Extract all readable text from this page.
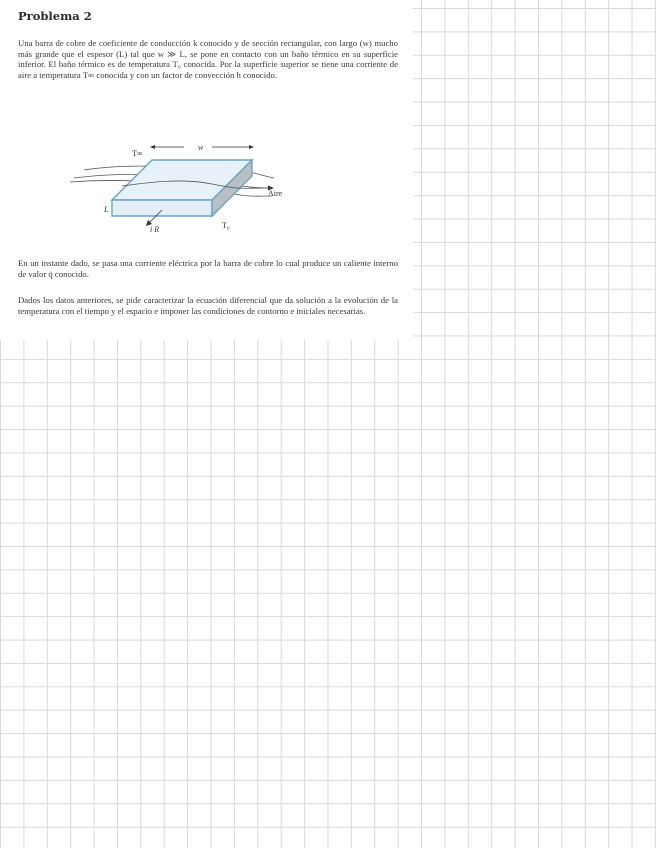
Problema 2

Una barra de cobre de coeficiente de conducción k conocido y de sección rectangular, con largo (w) mucho más grande que el espesor (L) tal que w ≫ L, se pone en contacto con un baño térmico en su superficie inferior. El baño térmico es de temperatura T₀ conocida. Por la superficie superior se tiene una corriente de aire a temperatura T∞ conocida y con un factor de convección h conocido.

T∞
w
Aire
L
i R	T₀

En un instante dado, se pasa una corriente eléctrica por la barra de cobre lo cual produce un caliente interno de valor q̇ conocido.

Dados los datos anteriores, se pide caracterizar la ecuación diferencial que da solución a la evolución de la temperatura con el tiempo y el espacio e imponer las condiciones de contorno e iniciales necesarias.
